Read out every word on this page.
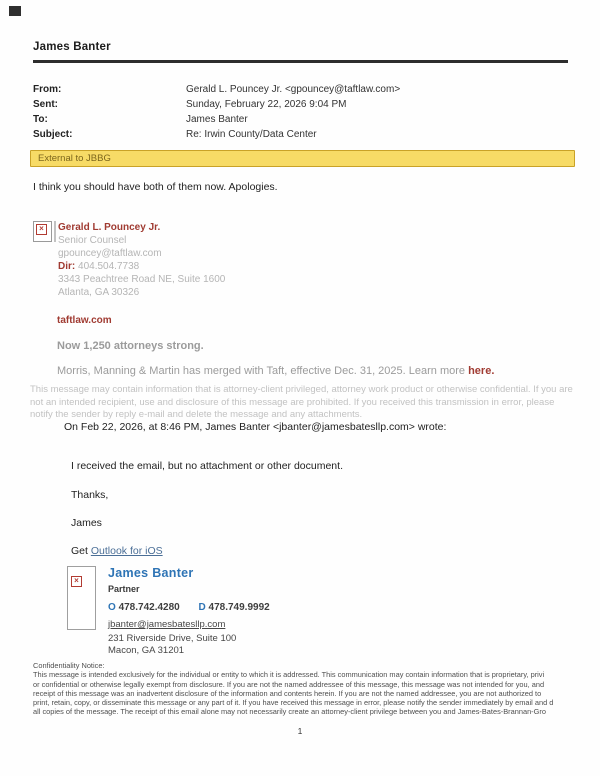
James Banter
From:	Gerald L. Pouncey Jr. <gpouncey@taftlaw.com>
Sent:	Sunday, February 22, 2026 9:04 PM
To:	James Banter
Subject:	Re: Irwin County/Data Center
External to JBBG
I think you should have both of them now. Apologies.
×	Gerald L. Pouncey Jr.
Senior Counsel
gpouncey@taftlaw.com
Dir: 404.504.7738
3343 Peachtree Road NE, Suite 1600
Atlanta, GA 30326
taftlaw.com
Now 1,250 attorneys strong.
Morris, Manning & Martin has merged with Taft, effective Dec. 31, 2025. Learn more here.
This message may contain information that is attorney-client privileged, attorney work product or otherwise confidential. If you are not an intended recipient, use and disclosure of this message are prohibited. If you received this transmission in error, please notify the sender by reply e-mail and delete the message and any attachments.
On Feb 22, 2026, at 8:46 PM, James Banter <jbanter@jamesbatesllp.com> wrote:
I received the email, but no attachment or other document.
Thanks,
James
Get Outlook for iOS
×
James Banter
Partner
O 478.742.4280 D 478.749.9992
jbanter@jamesbatesllp.com
231 Riverside Drive, Suite 100
Macon, GA 31201
Confidentiality Notice:
This message is intended exclusively for the individual or entity to which it is addressed. This communication may contain information that is proprietary, privi
or confidential or otherwise legally exempt from disclosure. If you are not the named addressee of this message, this message was not intended for you, and
receipt of this message was an inadvertent disclosure of the information and contents herein. If you are not the named addressee, you are not authorized to
print, retain, copy, or disseminate this message or any part of it. If you have received this message in error, please notify the sender immediately by email and d
all copies of the message. The receipt of this email alone may not necessarily create an attorney-client privilege between you and James-Bates-Brannan-Gro
1
